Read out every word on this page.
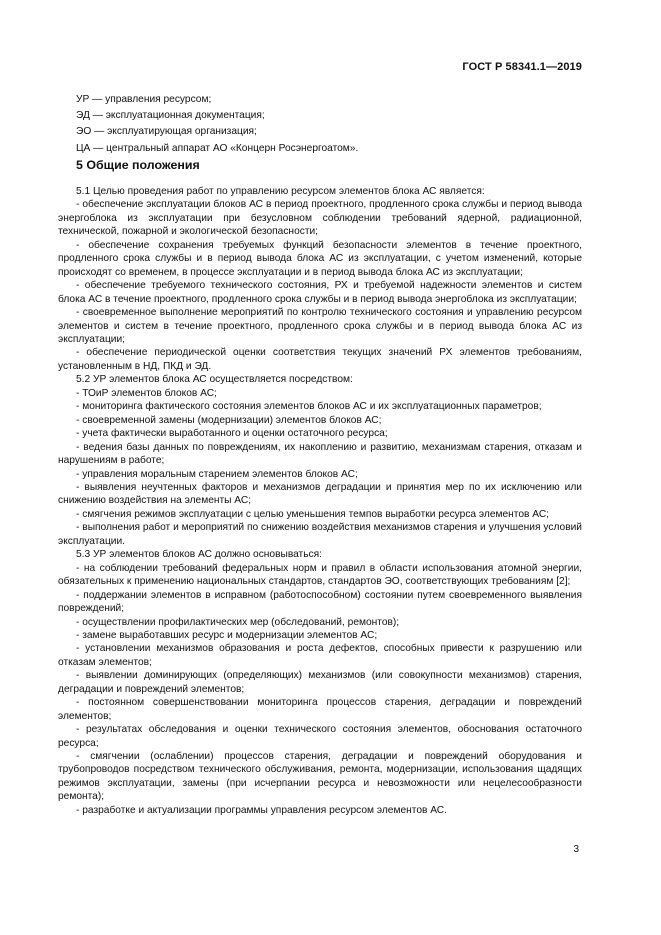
ГОСТ Р 58341.1—2019
УР — управления ресурсом;
ЭД — эксплуатационная документация;
ЭО — эксплуатирующая организация;
ЦА — центральный аппарат АО «Концерн Росэнергоатом».
5 Общие положения

5.1 Целью проведения работ по управлению ресурсом элементов блока АС является:

- обеспечение эксплуатации блоков АС в период проектного, продленного срока службы и период вывода энергоблока из эксплуатации при безусловном соблюдении требований ядерной, радиационной, технической, пожарной и экологической безопасности;

- обеспечение сохранения требуемых функций безопасности элементов в течение проектного, продленного срока службы и в период вывода блока АС из эксплуатации, с учетом изменений, которые происходят со временем, в процессе эксплуатации и в период вывода блока АС из эксплуатации;

- обеспечение требуемого технического состояния, РХ и требуемой надежности элементов и систем блока АС в течение проектного, продленного срока службы и в период вывода энергоблока из эксплуатации;

- своевременное выполнение мероприятий по контролю технического состояния и управлению ресурсом элементов и систем в течение проектного, продленного срока службы и в период вывода блока АС из эксплуатации;

- обеспечение периодической оценки соответствия текущих значений РХ элементов требованиям, установленным в НД, ПКД и ЭД.

5.2 УР элементов блока АС осуществляется посредством:

- ТОиР элементов блоков АС;

- мониторинга фактического состояния элементов блоков АС и их эксплуатационных параметров;

- своевременной замены (модернизации) элементов блоков АС;

- учета фактически выработанного и оценки остаточного ресурса;

- ведения базы данных по повреждениям, их накоплению и развитию, механизмам старения, отказам и нарушениям в работе;

- управления моральным старением элементов блоков АС;

- выявления неучтенных факторов и механизмов деградации и принятия мер по их исключению или снижению воздействия на элементы АС;

- смягчения режимов эксплуатации с целью уменьшения темпов выработки ресурса элементов АС;

- выполнения работ и мероприятий по снижению воздействия механизмов старения и улучшения условий эксплуатации.

5.3 УР элементов блоков АС должно основываться:

- на соблюдении требований федеральных норм и правил в области использования атомной энергии, обязательных к применению национальных стандартов, стандартов ЭО, соответствующих требованиям [2];

- поддержании элементов в исправном (работоспособном) состоянии путем своевременного выявления повреждений;

- осуществлении профилактических мер (обследований, ремонтов);

- замене выработавших ресурс и модернизации элементов АС;

- установлении механизмов образования и роста дефектов, способных привести к разрушению или отказам элементов;

- выявлении доминирующих (определяющих) механизмов (или совокупности механизмов) старения, деградации и повреждений элементов;

- постоянном совершенствовании мониторинга процессов старения, деградации и повреждений элементов;

- результатах обследования и оценки технического состояния элементов, обоснования остаточного ресурса;

- смягчении (ослаблении) процессов старения, деградации и повреждений оборудования и трубопроводов посредством технического обслуживания, ремонта, модернизации, использования щадящих режимов эксплуатации, замены (при исчерпании ресурса и невозможности или нецелесообразности ремонта);

- разработке и актуализации программы управления ресурсом элементов АС.

3
